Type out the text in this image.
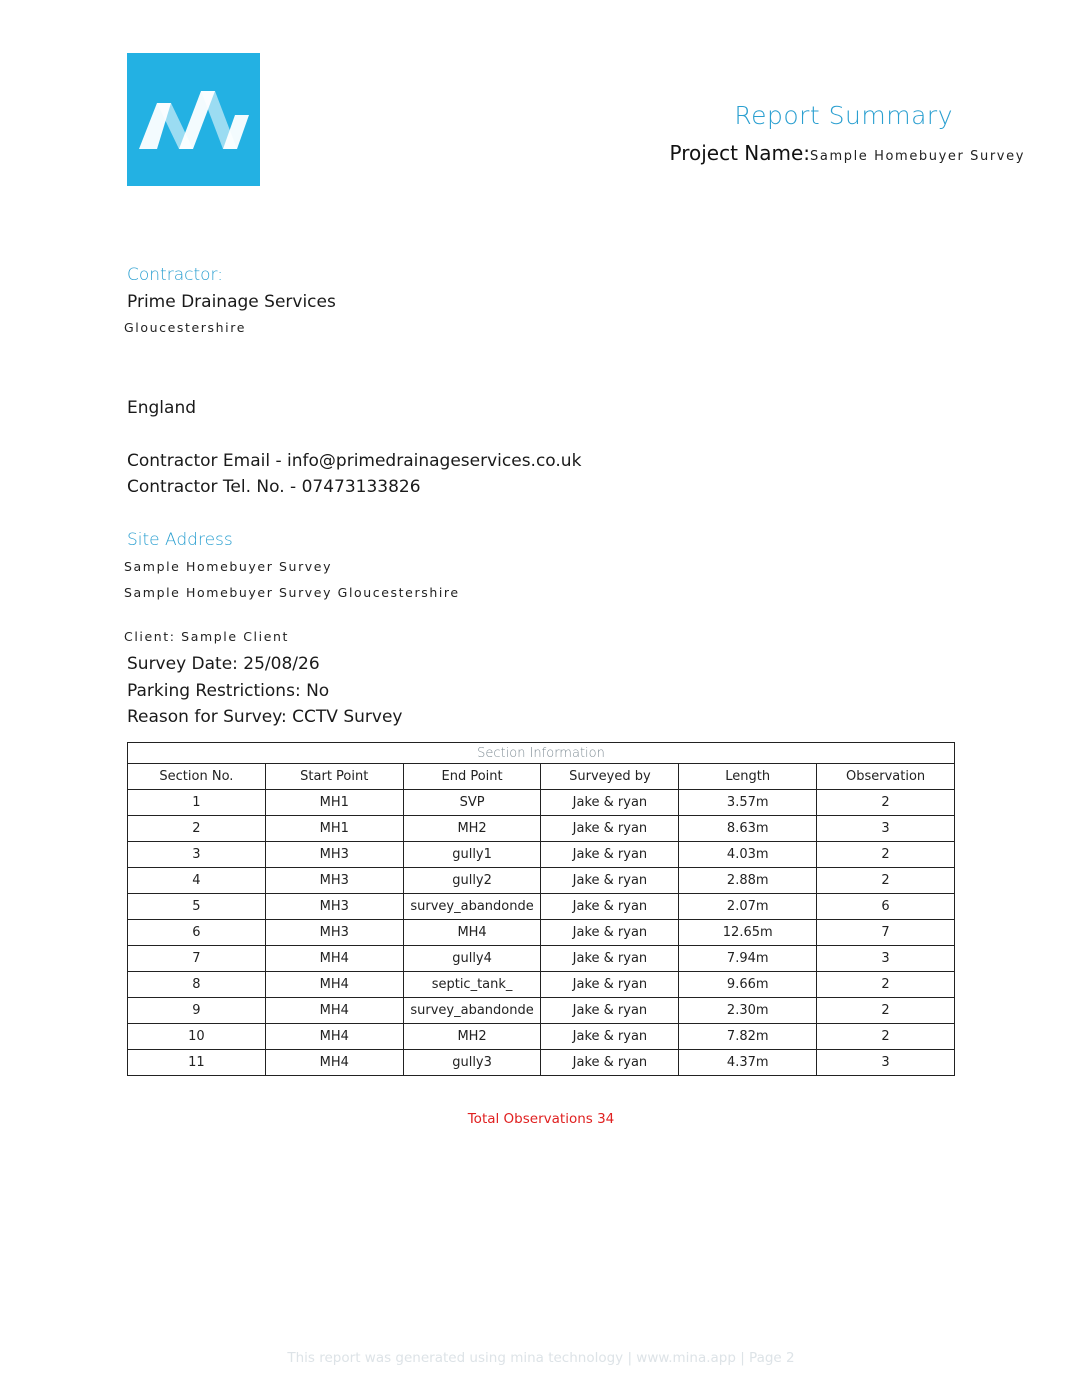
Report Summary
Project Name:Sample Homebuyer Survey
Contractor:
Prime Drainage Services
Gloucestershire
England
Contractor Email - info@primedrainageservices.co.uk
Contractor Tel. No. - 07473133826
Site Address
Sample Homebuyer Survey
Sample Homebuyer Survey Gloucestershire
Client: Sample Client
Survey Date: 25/08/26
Parking Restrictions: No
Reason for Survey: CCTV Survey
Section Information					
Section No.	Start Point	End Point	Surveyed by	Length	Observation
1	MH1	SVP	Jake & ryan	3.57m	2
2	MH1	MH2	Jake & ryan	8.63m	3
3	MH3	gully1	Jake & ryan	4.03m	2
4	MH3	gully2	Jake & ryan	2.88m	2
5	MH3	survey_abandonde	Jake & ryan	2.07m	6
6	MH3	MH4	Jake & ryan	12.65m	7
7	MH4	gully4	Jake & ryan	7.94m	3
8	MH4	septic_tank_	Jake & ryan	9.66m	2
9	MH4	survey_abandonde	Jake & ryan	2.30m	2
10	MH4	MH2	Jake & ryan	7.82m	2
11	MH4	gully3	Jake & ryan	4.37m	3
Total Observations 34
This report was generated using mina technology | www.mina.app | Page 2
